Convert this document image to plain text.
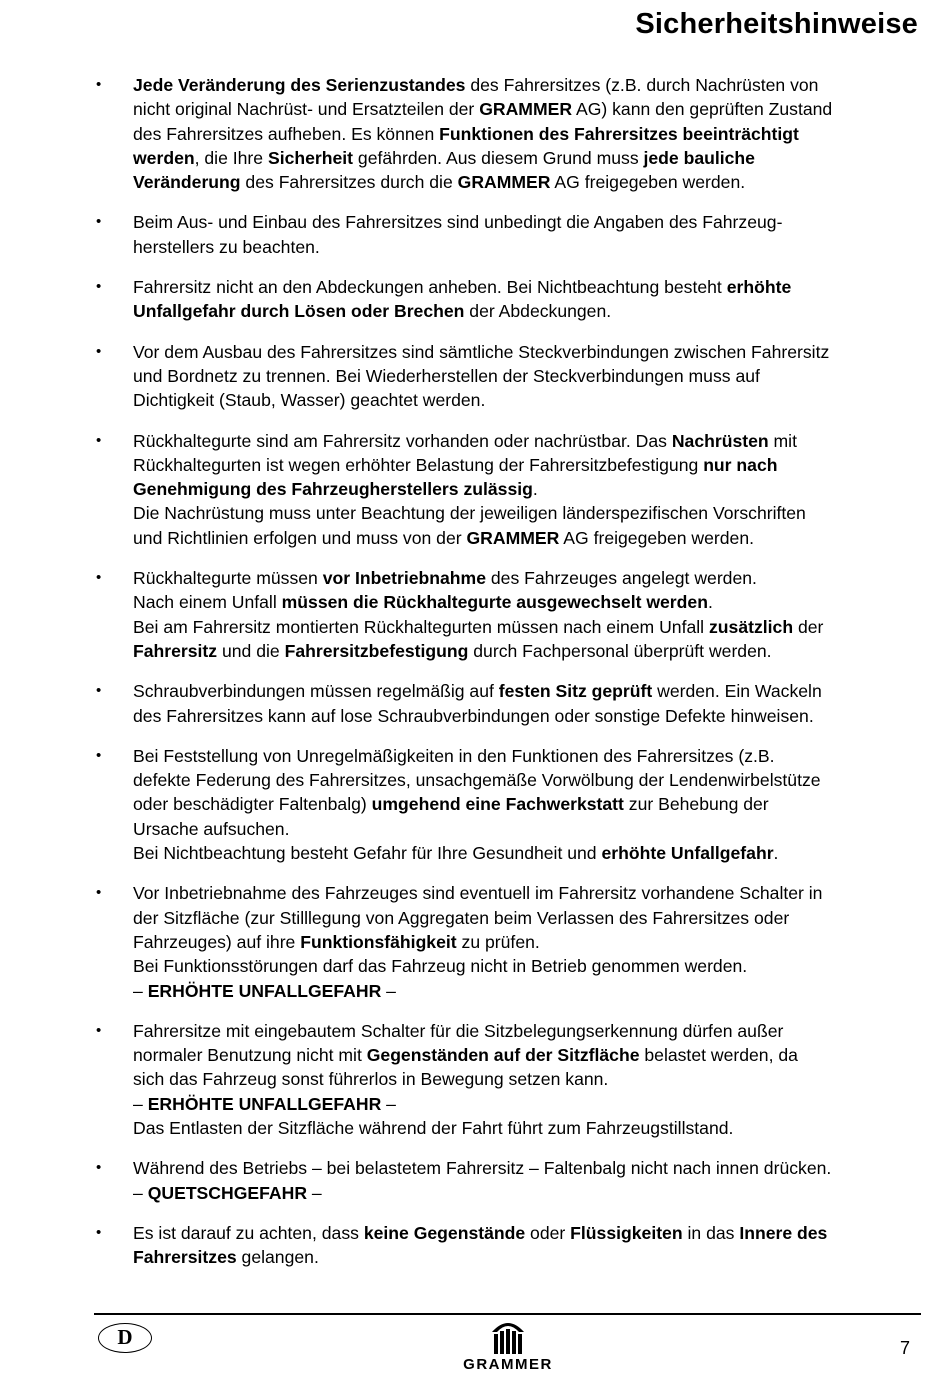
Sicherheitshinweise
• Jede Veränderung des Serienzustandes des Fahrersitzes (z.B. durch Nachrüsten von
nicht original Nachrüst- und Ersatzteilen der GRAMMER AG) kann den geprüften Zustand
des Fahrersitzes aufheben. Es können Funktionen des Fahrersitzes beeinträchtigt
werden, die Ihre Sicherheit gefährden. Aus diesem Grund muss jede bauliche
Veränderung des Fahrersitzes durch die GRAMMER AG freigegeben werden.
• Beim Aus- und Einbau des Fahrersitzes sind unbedingt die Angaben des Fahrzeug-
herstellers zu beachten.
• Fahrersitz nicht an den Abdeckungen anheben. Bei Nichtbeachtung besteht erhöhte
Unfallgefahr durch Lösen oder Brechen der Abdeckungen.
• Vor dem Ausbau des Fahrersitzes sind sämtliche Steckverbindungen zwischen Fahrersitz
und Bordnetz zu trennen. Bei Wiederherstellen der Steckverbindungen muss auf
Dichtigkeit (Staub, Wasser) geachtet werden.
• Rückhaltegurte sind am Fahrersitz vorhanden oder nachrüstbar. Das Nachrüsten mit
Rückhaltegurten ist wegen erhöhter Belastung der Fahrersitzbefestigung nur nach
Genehmigung des Fahrzeugherstellers zulässig.
Die Nachrüstung muss unter Beachtung der jeweiligen länderspezifischen Vorschriften
und Richtlinien erfolgen und muss von der GRAMMER AG freigegeben werden.
• Rückhaltegurte müssen vor Inbetriebnahme des Fahrzeuges angelegt werden.
Nach einem Unfall müssen die Rückhaltegurte ausgewechselt werden.
Bei am Fahrersitz montierten Rückhaltegurten müssen nach einem Unfall zusätzlich der
Fahrersitz und die Fahrersitzbefestigung durch Fachpersonal überprüft werden.
• Schraubverbindungen müssen regelmäßig auf festen Sitz geprüft werden. Ein Wackeln
des Fahrersitzes kann auf lose Schraubverbindungen oder sonstige Defekte hinweisen.
• Bei Feststellung von Unregelmäßigkeiten in den Funktionen des Fahrersitzes (z.B.
defekte Federung des Fahrersitzes, unsachgemäße Vorwölbung der Lendenwirbelstütze
oder beschädigter Faltenbalg) umgehend eine Fachwerkstatt zur Behebung der
Ursache aufsuchen.
Bei Nichtbeachtung besteht Gefahr für Ihre Gesundheit und erhöhte Unfallgefahr.
• Vor Inbetriebnahme des Fahrzeuges sind eventuell im Fahrersitz vorhandene Schalter in
der Sitzfläche (zur Stilllegung von Aggregaten beim Verlassen des Fahrersitzes oder
Fahrzeuges) auf ihre Funktionsfähigkeit zu prüfen.
Bei Funktionsstörungen darf das Fahrzeug nicht in Betrieb genommen werden.
– ERHÖHTE UNFALLGEFAHR –
• Fahrersitze mit eingebautem Schalter für die Sitzbelegungserkennung dürfen außer
normaler Benutzung nicht mit Gegenständen auf der Sitzfläche belastet werden, da
sich das Fahrzeug sonst führerlos in Bewegung setzen kann.
– ERHÖHTE UNFALLGEFAHR –
Das Entlasten der Sitzfläche während der Fahrt führt zum Fahrzeugstillstand.
• Während des Betriebs – bei belastetem Fahrersitz – Faltenbalg nicht nach innen drücken.
– QUETSCHGEFAHR –
• Es ist darauf zu achten, dass keine Gegenstände oder Flüssigkeiten in das Innere des
Fahrersitzes gelangen.
D
GRAMMER
7
